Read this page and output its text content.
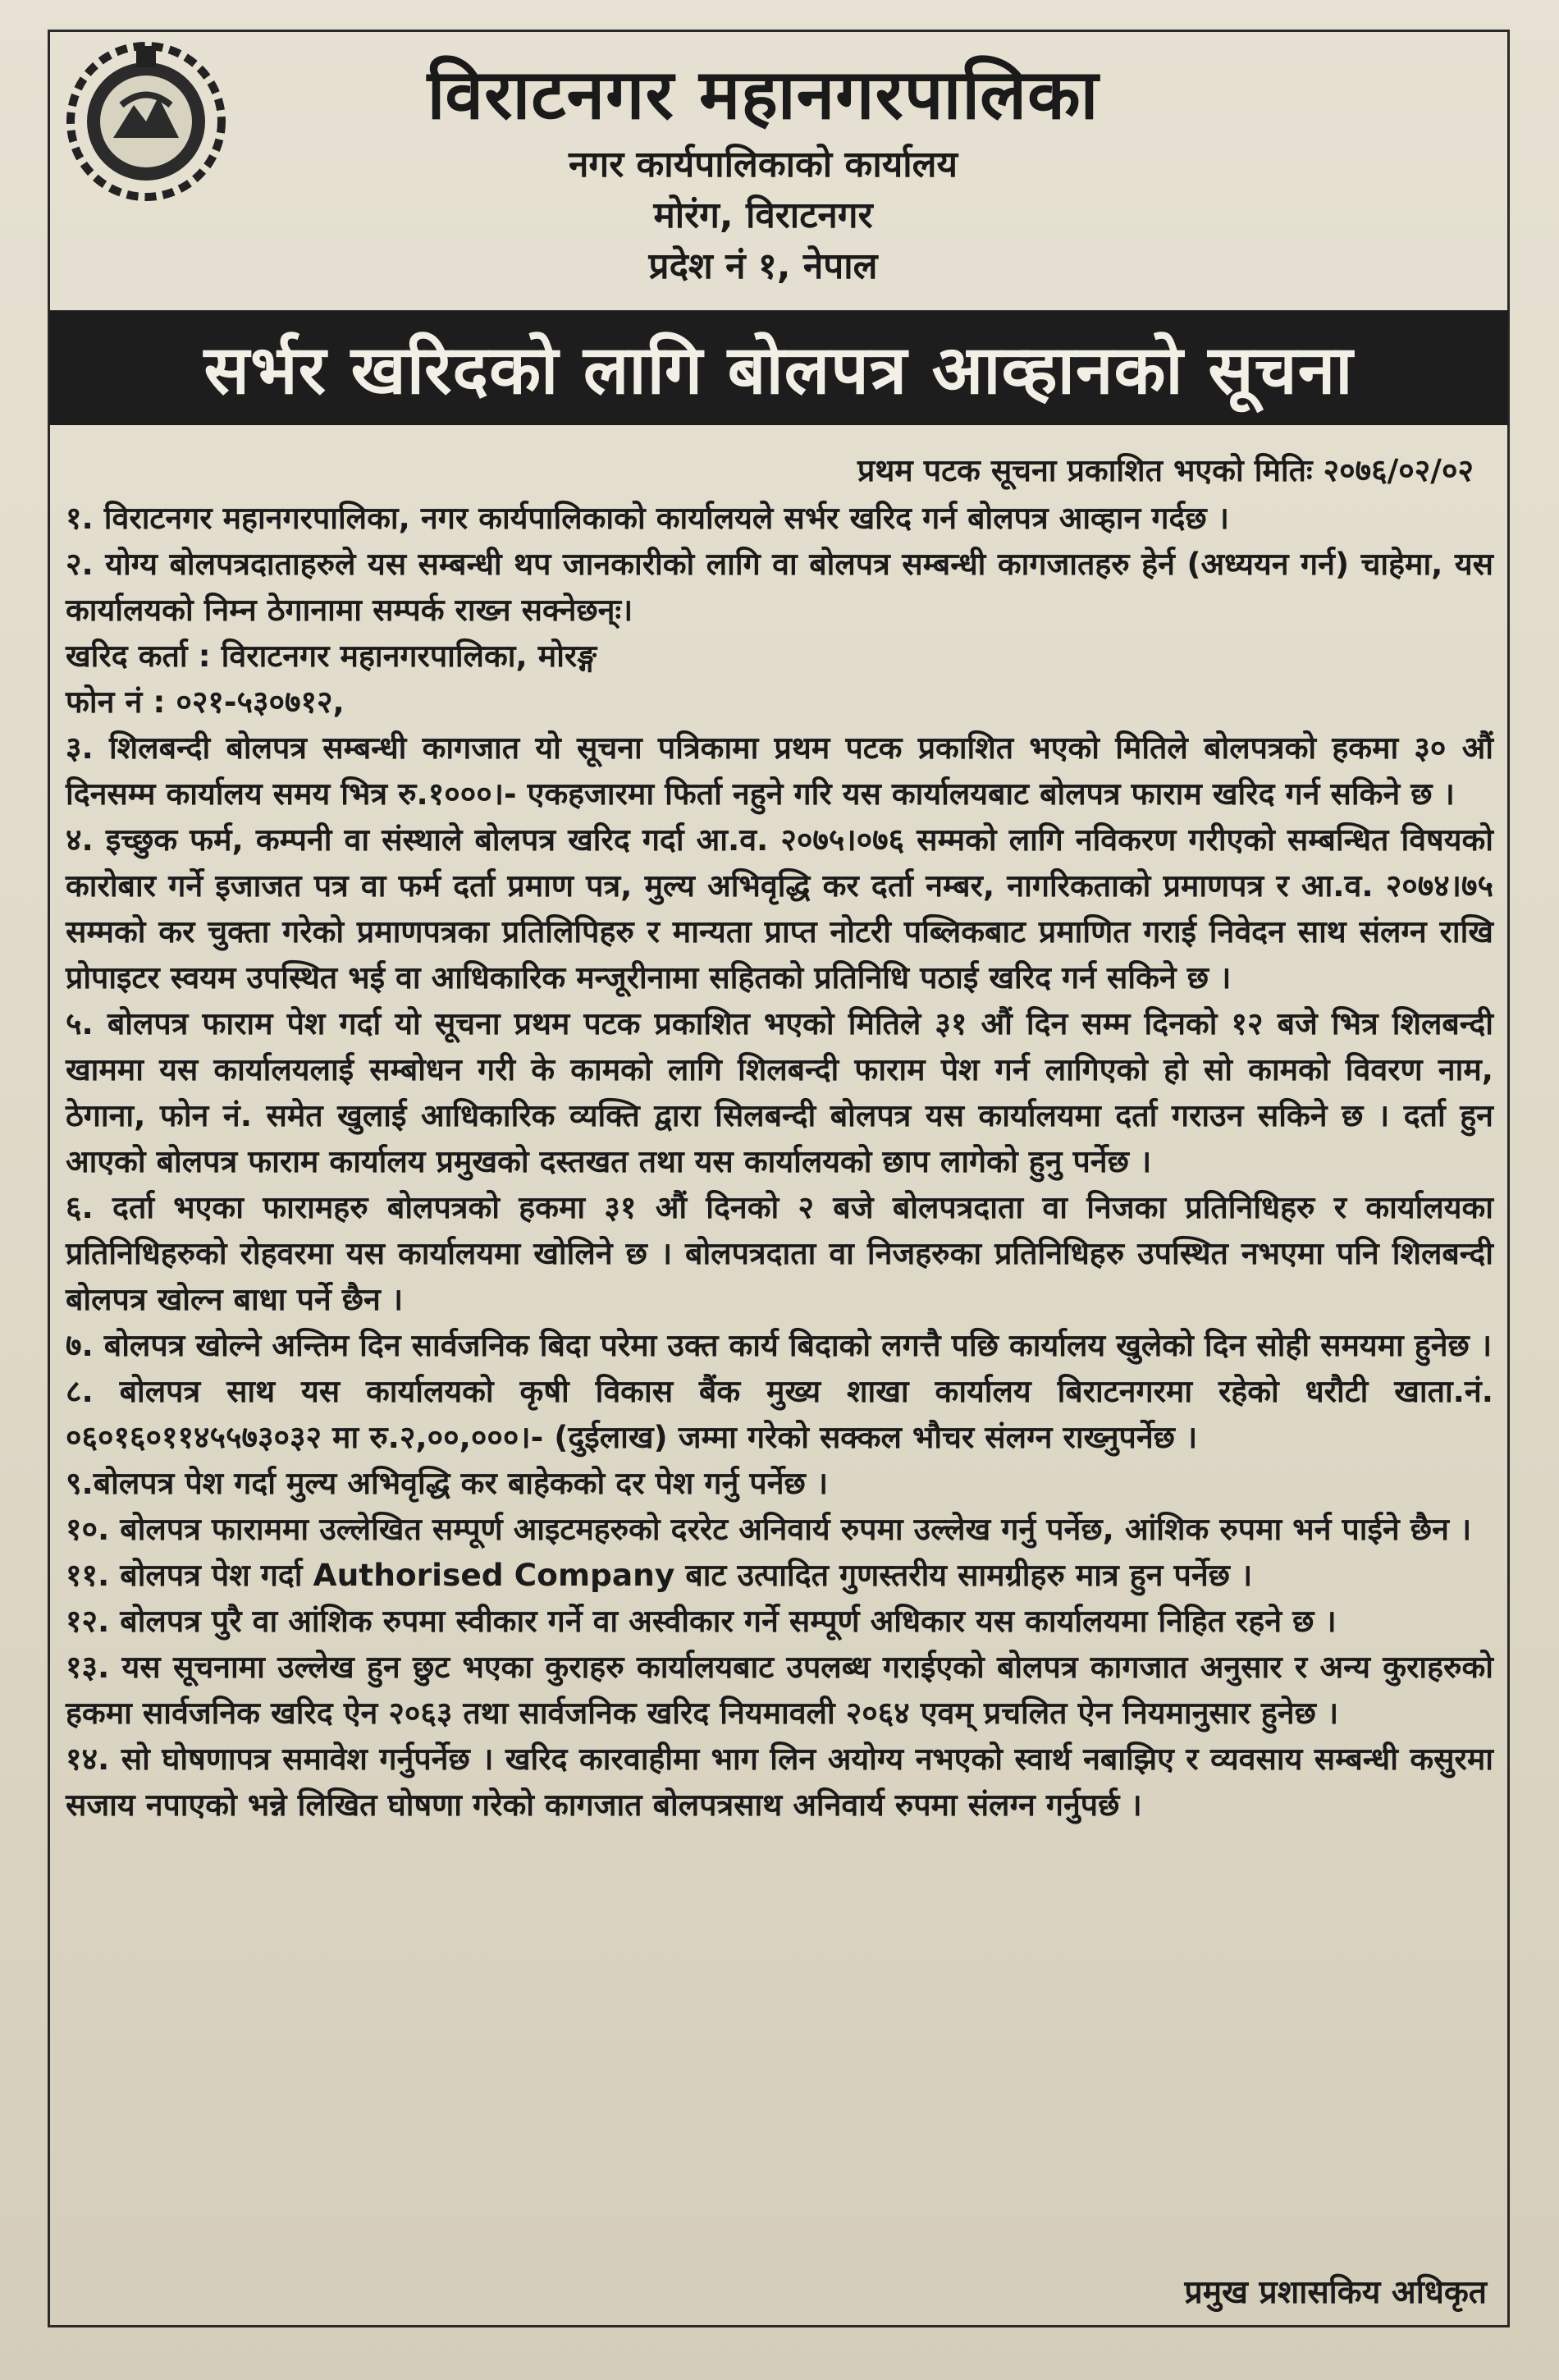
विराटनगर महानगरपालिका
नगर कार्यपालिकाको कार्यालय
मोरंग, विराटनगर
प्रदेश नं १, नेपाल
सर्भर खरिदको लागि बोलपत्र आव्हानको सूचना
प्रथम पटक सूचना प्रकाशित भएको मितिः २०७६/०२/०२

१. विराटनगर महानगरपालिका, नगर कार्यपालिकाको कार्यालयले सर्भर खरिद गर्न बोलपत्र आव्हान गर्दछ ।

२. योग्य बोलपत्रदाताहरुले यस सम्बन्धी थप जानकारीको लागि वा बोलपत्र सम्बन्धी कागजातहरु हेर्न (अध्ययन गर्न) चाहेमा, यस कार्यालयको निम्न ठेगानामा सम्पर्क राख्न सक्नेछन्ः।

खरिद कर्ता : विराटनगर महानगरपालिका, मोरङ्ग

फोन नं : ०२१-५३०७१२,

३. शिलबन्दी बोलपत्र सम्बन्धी कागजात यो सूचना पत्रिकामा प्रथम पटक प्रकाशित भएको मितिले बोलपत्रको हकमा ३० औं दिनसम्म कार्यालय समय भित्र रु.१०००।- एकहजारमा फिर्ता नहुने गरि यस कार्यालयबाट बोलपत्र फाराम खरिद गर्न सकिने छ ।

४. इच्छुक फर्म, कम्पनी वा संस्थाले बोलपत्र खरिद गर्दा आ.व. २०७५।०७६ सम्मको लागि नविकरण गरीएको सम्बन्धित विषयको कारोबार गर्ने इजाजत पत्र वा फर्म दर्ता प्रमाण पत्र, मुल्य अभिवृद्धि कर दर्ता नम्बर, नागरिकताको प्रमाणपत्र र आ.व. २०७४।७५ सम्मको कर चुक्ता गरेको प्रमाणपत्रका प्रतिलिपिहरु र मान्यता प्राप्त नोटरी पब्लिकबाट प्रमाणित गराई निवेदन साथ संलग्न राखि प्रोपाइटर स्वयम उपस्थित भई वा आधिकारिक मन्जूरीनामा सहितको प्रतिनिधि पठाई खरिद गर्न सकिने छ ।

५. बोलपत्र फाराम पेश गर्दा यो सूचना प्रथम पटक प्रकाशित भएको मितिले ३१ औं दिन सम्म दिनको १२ बजे भित्र शिलबन्दी खाममा यस कार्यालयलाई सम्बोधन गरी के कामको लागि शिलबन्दी फाराम पेश गर्न लागिएको हो सो कामको विवरण नाम, ठेगाना, फोन नं. समेत खुलाई आधिकारिक व्यक्ति द्वारा सिलबन्दी बोलपत्र यस कार्यालयमा दर्ता गराउन सकिने छ । दर्ता हुन आएको बोलपत्र फाराम कार्यालय प्रमुखको दस्तखत तथा यस कार्यालयको छाप लागेको हुनु पर्नेछ ।

६. दर्ता भएका फारामहरु बोलपत्रको हकमा ३१ औं दिनको २ बजे बोलपत्रदाता वा निजका प्रतिनिधिहरु र कार्यालयका प्रतिनिधिहरुको रोहवरमा यस कार्यालयमा खोलिने छ । बोलपत्रदाता वा निजहरुका प्रतिनिधिहरु उपस्थित नभएमा पनि शिलबन्दी बोलपत्र खोल्न बाधा पर्ने छैन ।

७. बोलपत्र खोल्ने अन्तिम दिन सार्वजनिक बिदा परेमा उक्त कार्य बिदाको लगत्तै पछि कार्यालय खुलेको दिन सोही समयमा हुनेछ ।

८. बोलपत्र साथ यस कार्यालयको कृषी विकास बैंक मुख्य शाखा कार्यालय बिराटनगरमा रहेको धरौटी खाता.नं. ०६०१६०११४५५७३०३२ मा रु.२,००,०००।- (दुईलाख) जम्मा गरेको सक्कल भौचर संलग्न राख्नुपर्नेछ ।

९.बोलपत्र पेश गर्दा मुल्य अभिवृद्धि कर बाहेकको दर पेश गर्नु पर्नेछ ।

१०. बोलपत्र फाराममा उल्लेखित सम्पूर्ण आइटमहरुको दररेट अनिवार्य रुपमा उल्लेख गर्नु पर्नेछ, आंशिक रुपमा भर्न पाईने छैन ।

११. बोलपत्र पेश गर्दा Authorised Company बाट उत्पादित गुणस्तरीय सामग्रीहरु मात्र हुन पर्नेछ ।

१२. बोलपत्र पुरै वा आंशिक रुपमा स्वीकार गर्ने वा अस्वीकार गर्ने सम्पूर्ण अधिकार यस कार्यालयमा निहित रहने छ ।

१३. यस सूचनामा उल्लेख हुन छुट भएका कुराहरु कार्यालयबाट उपलब्ध गराईएको बोलपत्र कागजात अनुसार र अन्य कुराहरुको हकमा सार्वजनिक खरिद ऐन २०६३ तथा सार्वजनिक खरिद नियमावली २०६४ एवम् प्रचलित ऐन नियमानुसार हुनेछ ।

१४. सो घोषणापत्र समावेश गर्नुपर्नेछ । खरिद कारवाहीमा भाग लिन अयोग्य नभएको स्वार्थ नबाझिए र व्यवसाय सम्बन्धी कसुरमा सजाय नपाएको भन्ने लिखित घोषणा गरेको कागजात बोलपत्रसाथ अनिवार्य रुपमा संलग्न गर्नुपर्छ ।

प्रमुख प्रशासकिय अधिकृत
